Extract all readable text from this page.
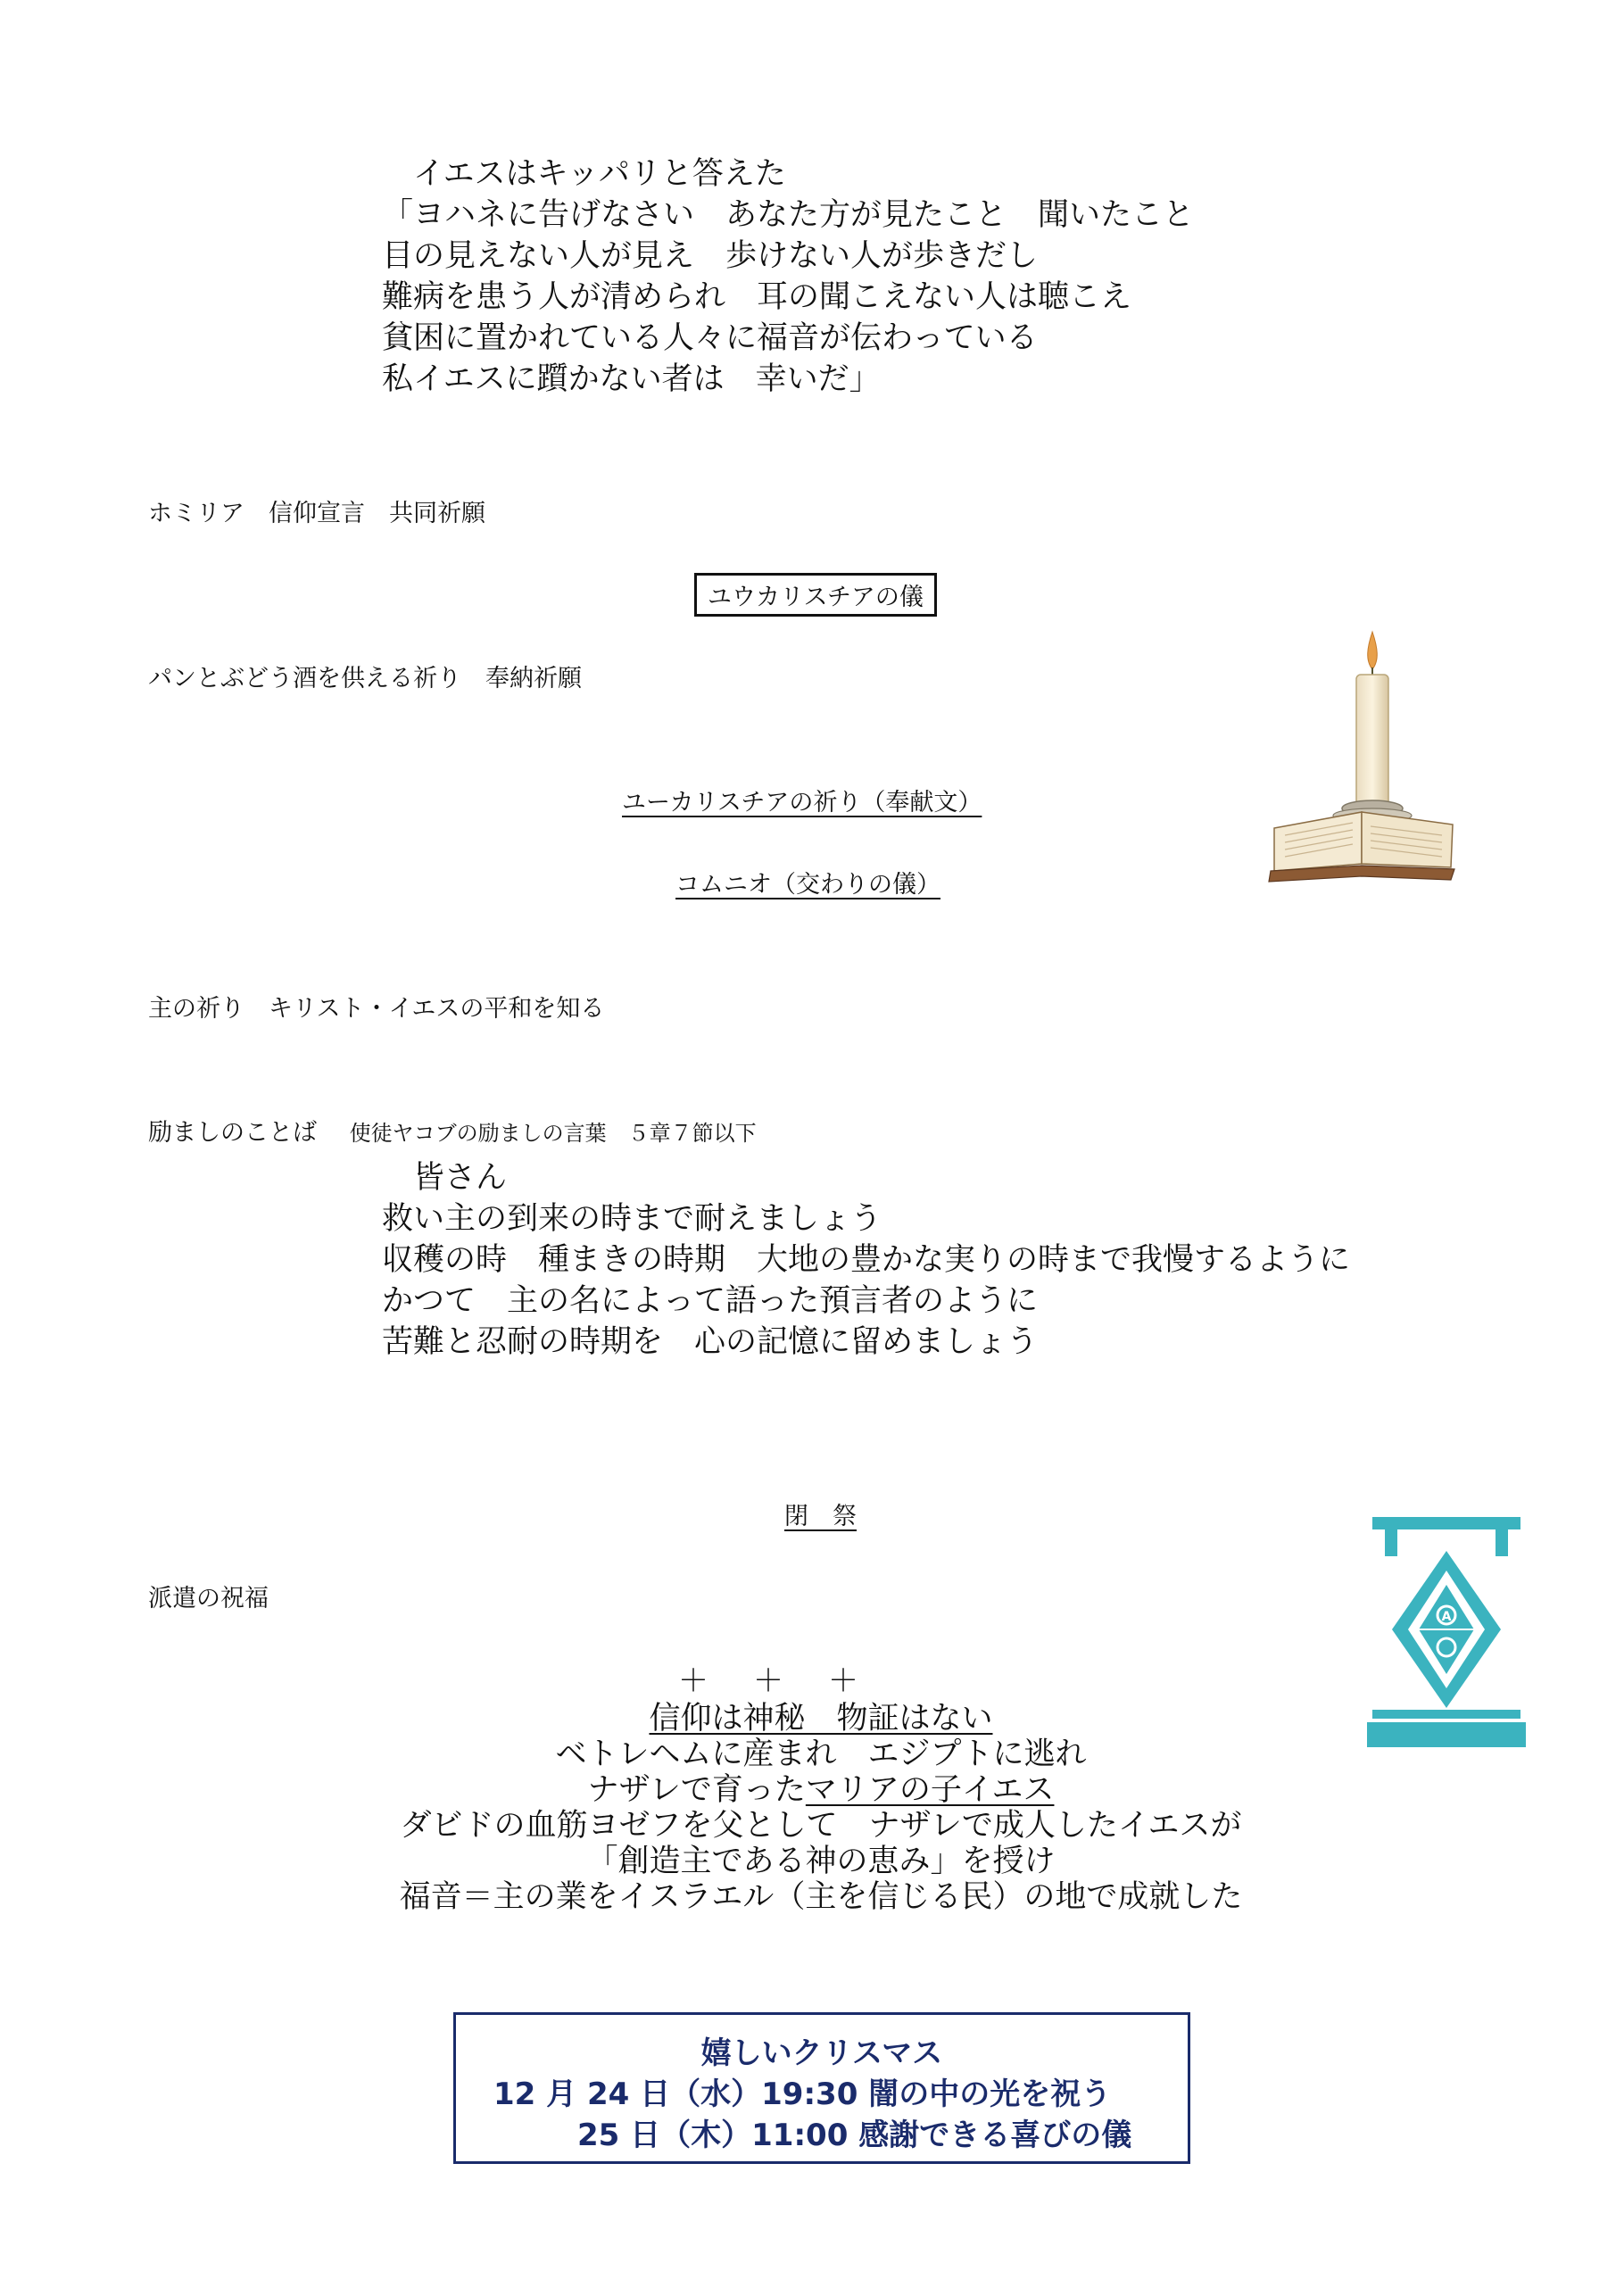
　イエスはキッパリと答えた
「ヨハネに告げなさい　あなた方が見たこと　聞いたこと
目の見えない人が見え　歩けない人が歩きだし
難病を患う人が清められ　耳の聞こえない人は聴こえ
貧困に置かれている人々に福音が伝わっている
私イエスに躓かない者は　幸いだ」
ホミリア　信仰宣言　共同祈願
ユウカリスチアの儀
パンとぶどう酒を供える祈り　奉納祈願
ユーカリスチアの祈り（奉献文）
コムニオ（交わりの儀）
主の祈り　キリスト・イエスの平和を知る
励ましのことば 使徒ヤコブの励ましの言葉　５章７節以下
　皆さん
救い主の到来の時まで耐えましょう
収穫の時　種まきの時期　大地の豊かな実りの時まで我慢するように
かつて　主の名によって語った預言者のように
苦難と忍耐の時期を　心の記憶に留めましょう
閉　祭
派遣の祝福
A
＋　＋　＋
信仰は神秘　物証はない
ベトレヘムに産まれ　エジプトに逃れ
ナザレで育ったマリアの子イエス
ダビドの血筋ヨゼフを父として　ナザレで成人したイエスが
「創造主である神の恵み」を授け
福音＝主の業をイスラエル（主を信じる民）の地で成就した
嬉しいクリスマス
12 月 24 日（水）19:30 闇の中の光を祝う
25 日（木）11:00 感謝できる喜びの儀
